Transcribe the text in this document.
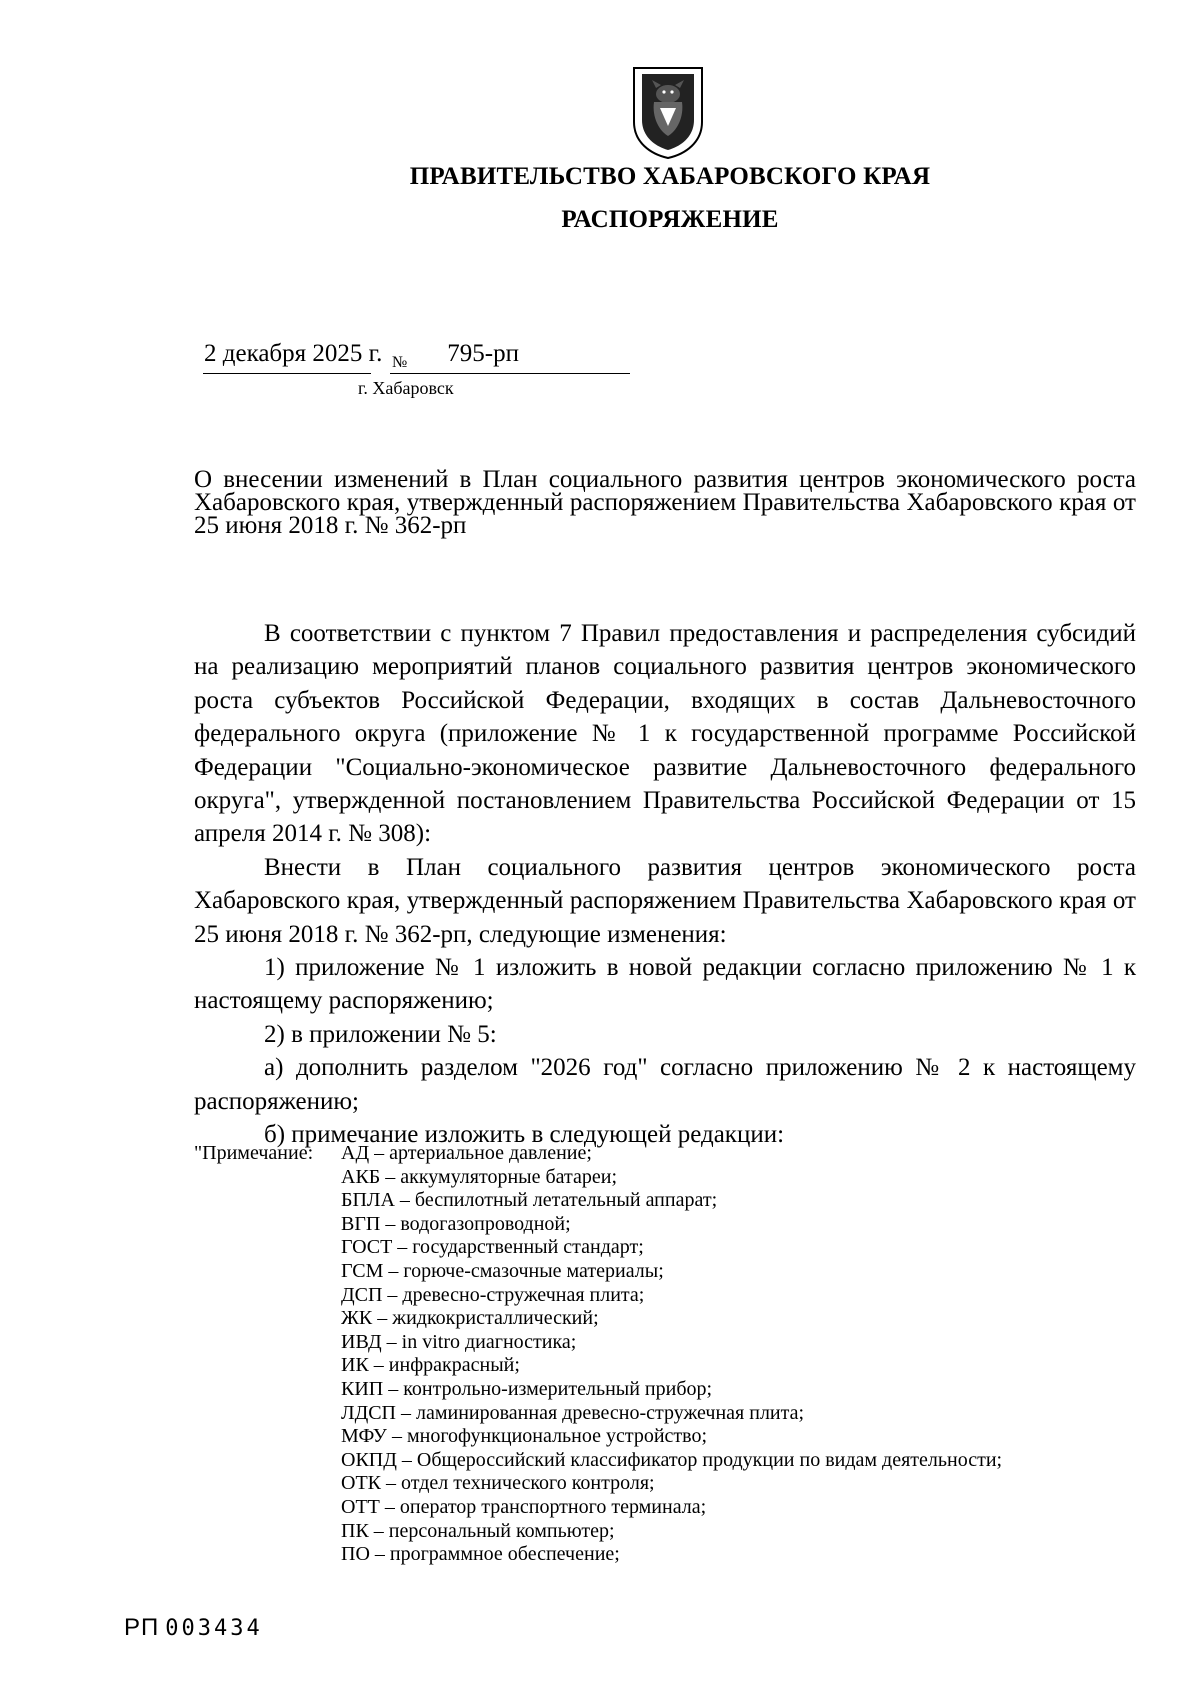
ПРАВИТЕЛЬСТВО ХАБАРОВСКОГО КРАЯ
РАСПОРЯЖЕНИЕ
2 декабря 2025 г. № 795-рп
г. Хабаровск
О внесении изменений в План социального развития центров экономического роста Хабаровского края, утвержденный распоряжением Правительства Хабаровского края от 25 июня 2018 г. № 362-рп

В соответствии с пунктом 7 Правил предоставления и распределения субсидий на реализацию мероприятий планов социального развития центров экономического роста субъектов Российской Федерации, входящих в состав Дальневосточного федерального округа (приложение № 1 к государственной программе Российской Федерации "Социально-экономическое развитие Дальневосточного федерального округа", утвержденной постановлением Правительства Российской Федерации от 15 апреля 2014 г. № 308):

Внести в План социального развития центров экономического роста Хабаровского края, утвержденный распоряжением Правительства Хабаровского края от 25 июня 2018 г. № 362-рп, следующие изменения:

1) приложение № 1 изложить в новой редакции согласно приложению № 1 к настоящему распоряжению;

2) в приложении № 5:

а) дополнить разделом "2026 год" согласно приложению № 2 к настоящему распоряжению;

б) примечание изложить в следующей редакции:

"Примечание: АД – артериальное давление;
АКБ – аккумуляторные батареи;
БПЛА – беспилотный летательный аппарат;
ВГП – водогазопроводной;
ГОСТ – государственный стандарт;
ГСМ – горюче-смазочные материалы;
ДСП – древесно-стружечная плита;
ЖК – жидкокристаллический;
ИВД – in vitro диагностика;
ИК – инфракрасный;
КИП – контрольно-измерительный прибор;
ЛДСП – ламинированная древесно-стружечная плита;
МФУ – многофункциональное устройство;
ОКПД – Общероссийский классификатор продукции по видам деятельности;
ОТК – отдел технического контроля;
ОТТ – оператор транспортного терминала;
ПК – персональный компьютер;
ПО – программное обеспечение;
РП 003434
